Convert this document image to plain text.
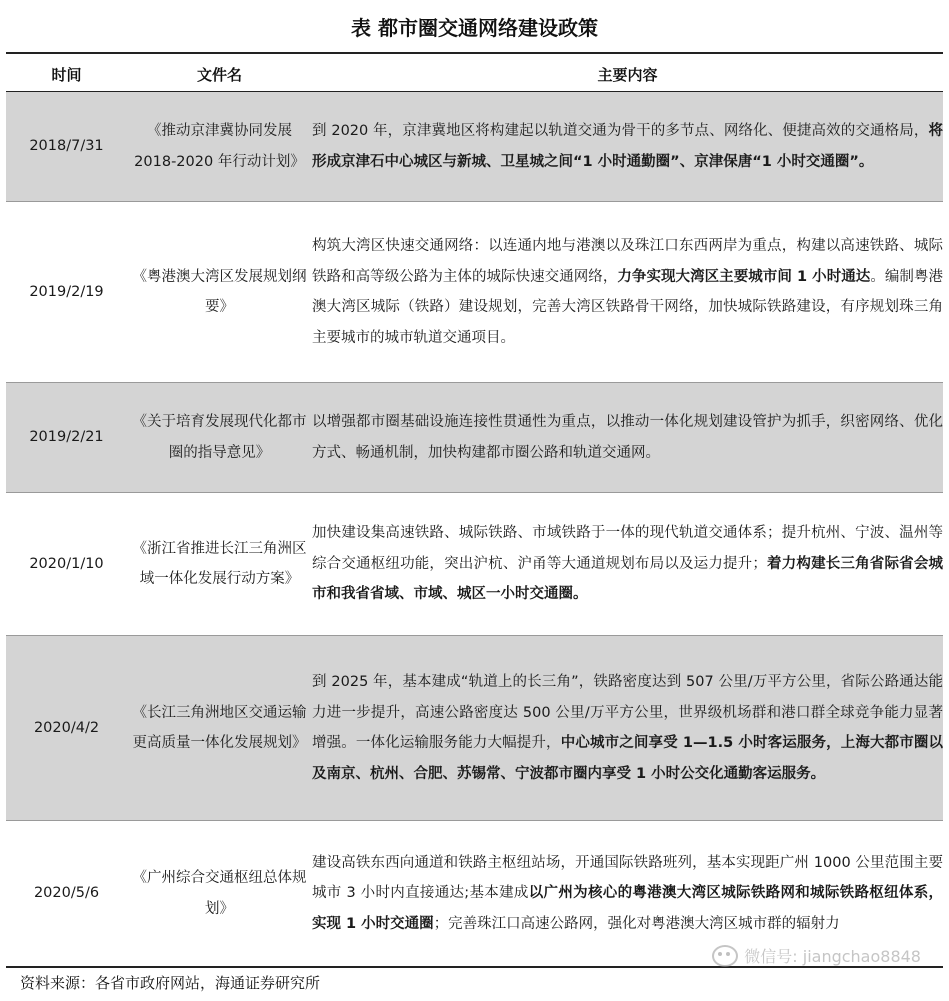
表 都市圈交通网络建设政策
时间	文件名	主要内容
2018/7/31	《推动京津冀协同发展 2018-2020 年行动计划》	到 2020 年，京津冀地区将构建起以轨道交通为骨干的多节点、网络化、便捷高效的交通格局，将形成京津石中心城区与新城、卫星城之间“1 小时通勤圈”、京津保唐“1 小时交通圈”。
2019/2/19	《粤港澳大湾区发展规划纲要》	构筑大湾区快速交通网络：以连通内地与港澳以及珠江口东西两岸为重点，构建以高速铁路、城际铁路和高等级公路为主体的城际快速交通网络，力争实现大湾区主要城市间 1 小时通达。编制粤港澳大湾区城际（铁路）建设规划，完善大湾区铁路骨干网络，加快城际铁路建设，有序规划珠三角主要城市的城市轨道交通项目。
2019/2/21	《关于培育发展现代化都市圈的指导意见》	以增强都市圈基础设施连接性贯通性为重点，以推动一体化规划建设管护为抓手，织密网络、优化方式、畅通机制，加快构建都市圈公路和轨道交通网。
2020/1/10	《浙江省推进长江三角洲区域一体化发展行动方案》	加快建设集高速铁路、城际铁路、市域铁路于一体的现代轨道交通体系；提升杭州、宁波、温州等综合交通枢纽功能，突出沪杭、沪甬等大通道规划布局以及运力提升；着力构建长三角省际省会城市和我省省域、市域、城区一小时交通圈。
2020/4/2	《长江三角洲地区交通运输更高质量一体化发展规划》	到 2025 年，基本建成“轨道上的长三角”，铁路密度达到 507 公里/万平方公里，省际公路通达能力进一步提升，高速公路密度达 500 公里/万平方公里，世界级机场群和港口群全球竞争能力显著增强。一体化运输服务能力大幅提升，中心城市之间享受 1—1.5 小时客运服务，上海大都市圈以及南京、杭州、合肥、苏锡常、宁波都市圈内享受 1 小时公交化通勤客运服务。
2020/5/6	《广州综合交通枢纽总体规划》	建设高铁东西向通道和铁路主枢纽站场，开通国际铁路班列，基本实现距广州 1000 公里范围主要城市 3 小时内直接通达;基本建成以广州为核心的粤港澳大湾区城际铁路网和城际铁路枢纽体系，实现 1 小时交通圈；完善珠江口高速公路网，强化对粤港澳大湾区城市群的辐射力
微信号: jiangchao8848
资料来源：各省市政府网站，海通证券研究所
